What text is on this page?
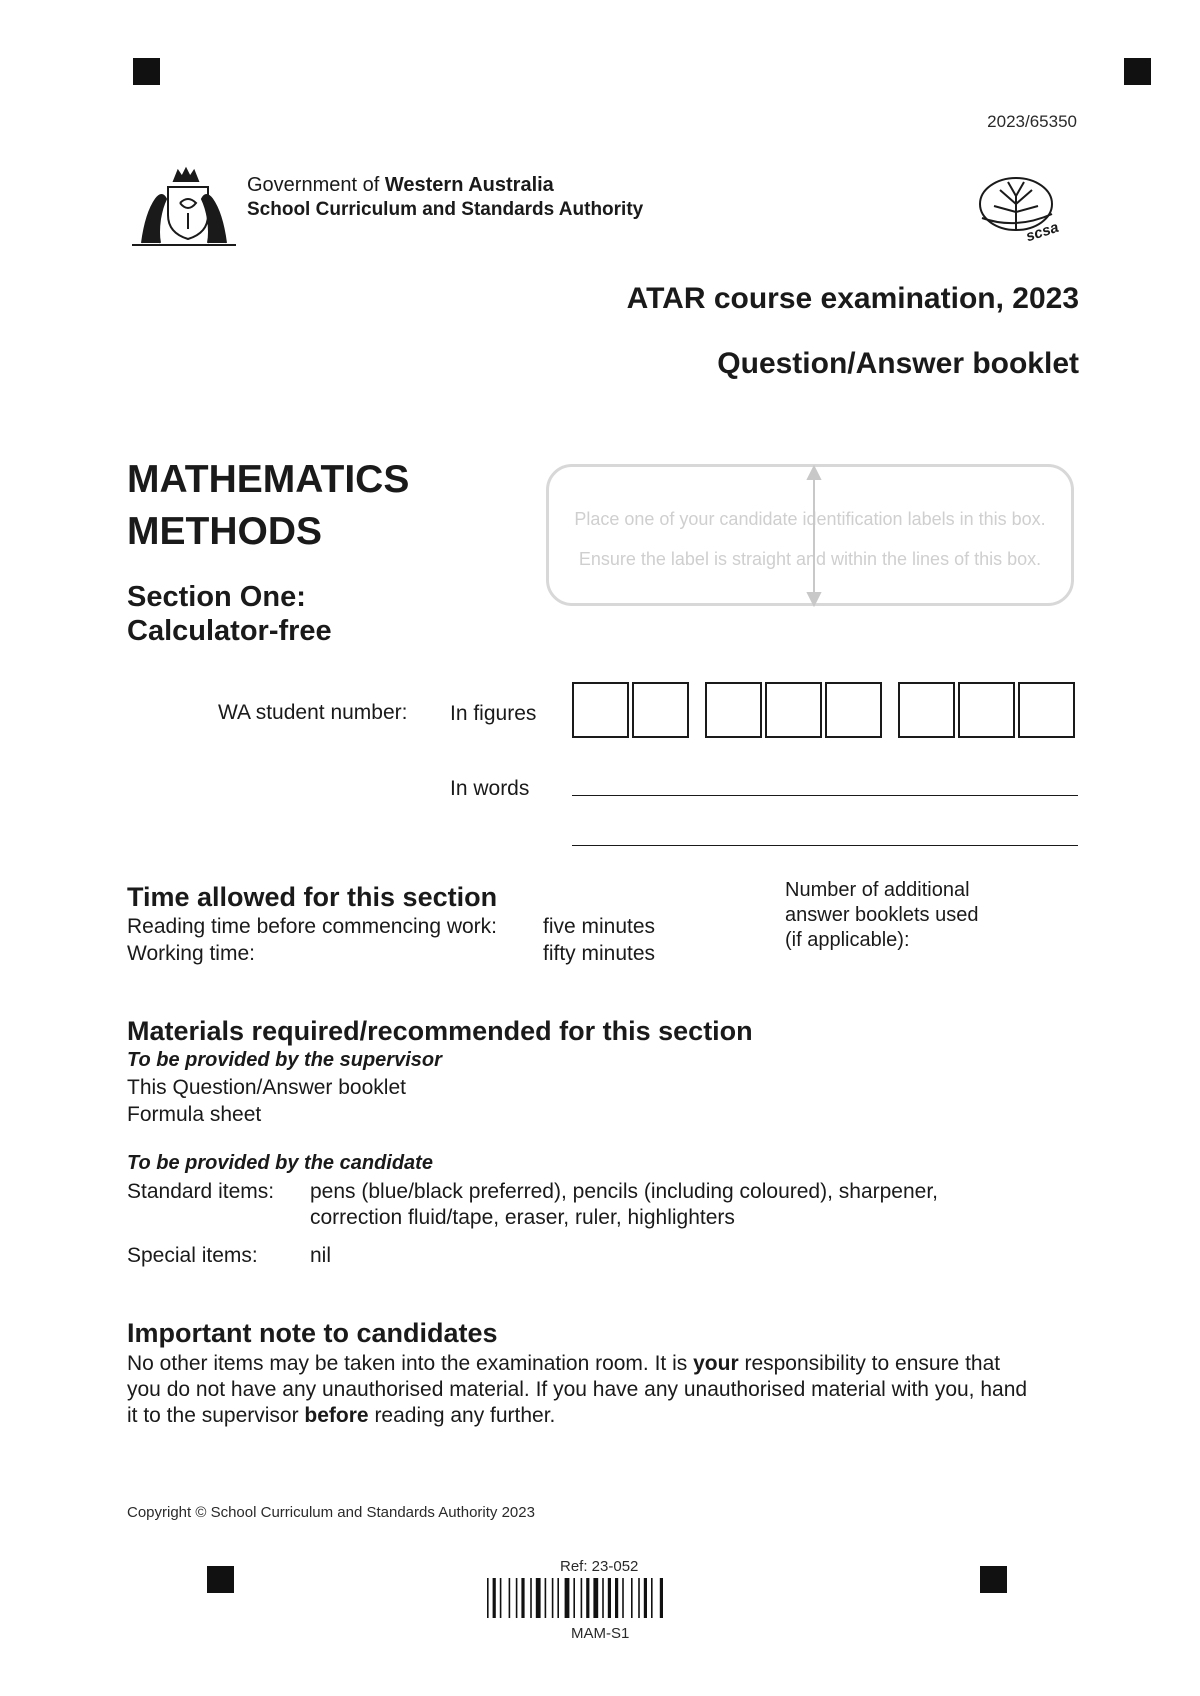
2023/65350
Government of Western Australia
School Curriculum and Standards Authority
scsa
ATAR course examination, 2023
Question/Answer booklet
MATHEMATICS
METHODS
Section One:
Calculator-free
Place one of your candidate identification labels in this box.
Ensure the label is straight and within the lines of this box.
WA student number: In figures
In words
Time allowed for this section
Reading time before commencing work: five minutes
Working time:	fifty minutes
Number of additional
answer booklets used
(if applicable):
Materials required/recommended for this section
To be provided by the supervisor
This Question/Answer booklet
Formula sheet
To be provided by the candidate
Standard items: pens (blue/black preferred), pencils (including coloured), sharpener,
correction fluid/tape, eraser, ruler, highlighters
Special items: nil
Important note to candidates
No other items may be taken into the examination room. It is your responsibility to ensure that
you do not have any unauthorised material. If you have any unauthorised material with you, hand
it to the supervisor before reading any further.
Copyright © School Curriculum and Standards Authority 2023
Ref: 23-052
MAM-S1
